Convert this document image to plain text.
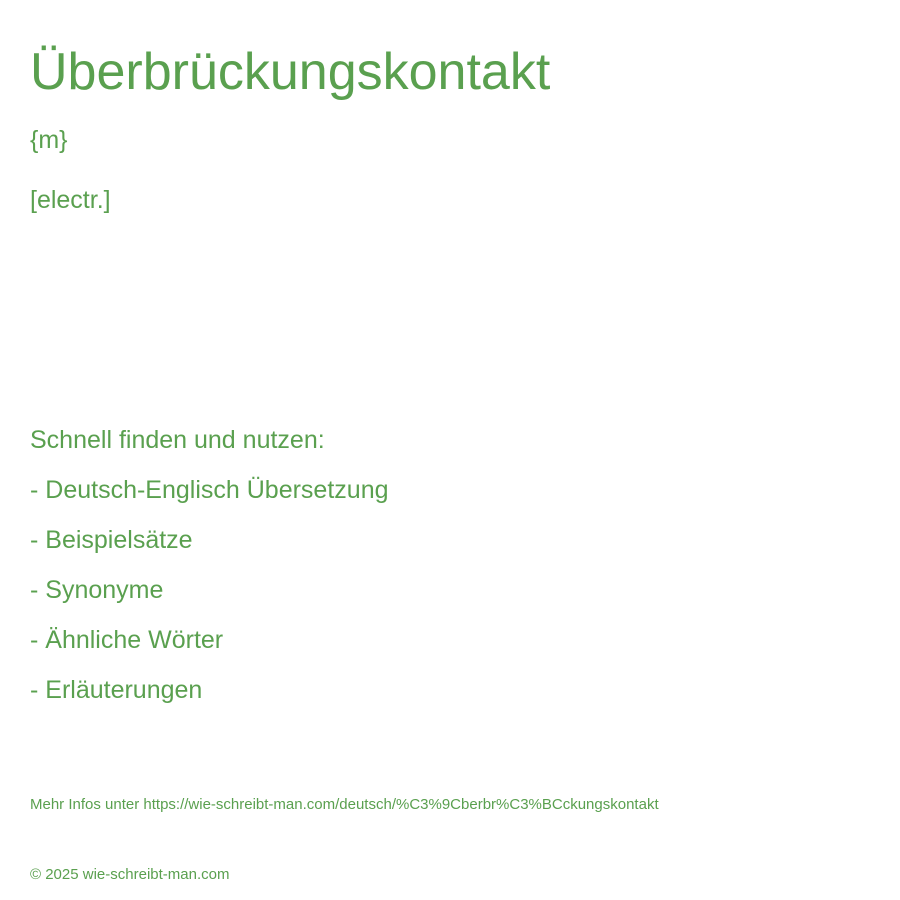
Überbrückungskontakt
{m}
[electr.]
Schnell finden und nutzen:
- Deutsch-Englisch Übersetzung
- Beispielsätze
- Synonyme
- Ähnliche Wörter
- Erläuterungen
Mehr Infos unter https://wie-schreibt-man.com/deutsch/%C3%9Cberbr%C3%BCckungskontakt
© 2025 wie-schreibt-man.com
